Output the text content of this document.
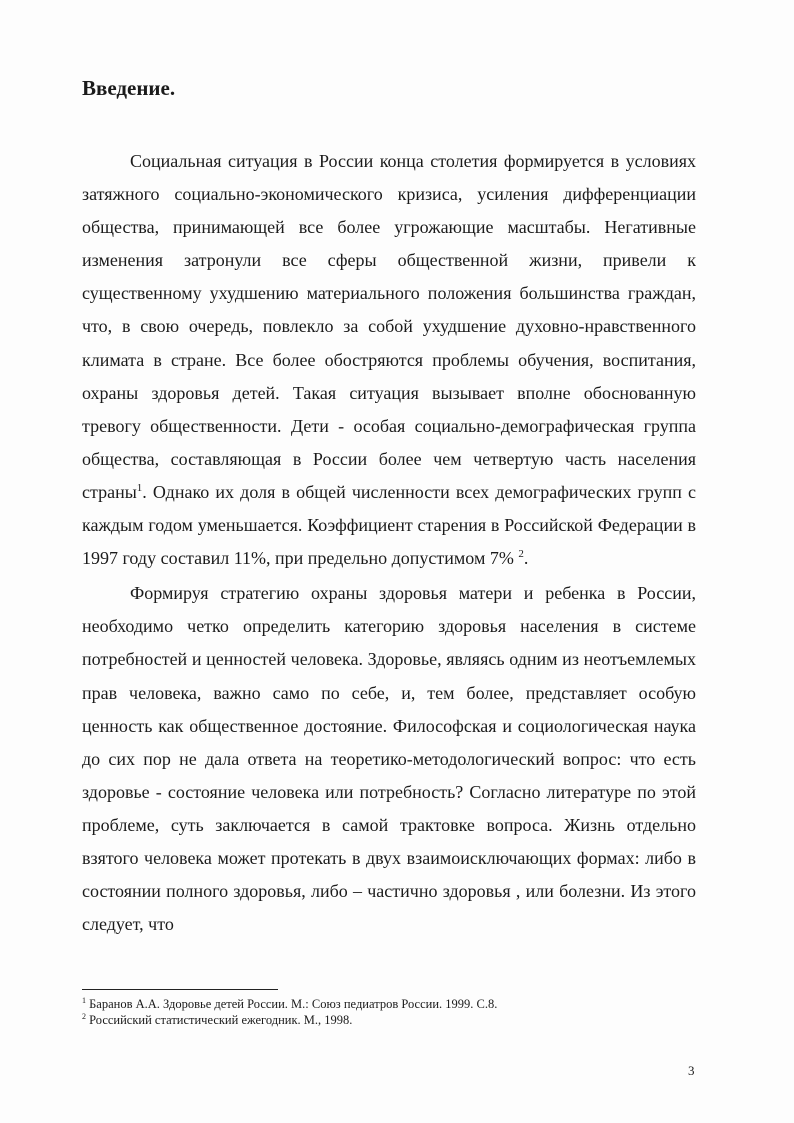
Введение.

Социальная ситуация в России конца столетия формируется в условиях затяжного социально-экономического кризиса, усиления дифференциации общества, принимающей все более угрожающие масштабы. Негативные изменения затронули все сферы общественной жизни, привели к существенному ухудшению материального положения большинства граждан, что, в свою очередь, повлекло за собой ухудшение духовно-нравственного климата в стране. Все более обостряются проблемы обучения, воспитания, охраны здоровья детей. Такая ситуация вызывает вполне обоснованную тревогу общественности. Дети - особая социально-демографическая группа общества, составляющая в России более чем четвертую часть населения страны$^1$. Однако их доля в общей численности всех демографических групп с каждым годом уменьшается. Коэффициент старения в Российской Федерации в 1997 году составил 11%, при предельно допустимом 7% $^2$.

Формируя стратегию охраны здоровья матери и ребенка в России, необходимо четко определить категорию здоровья населения в системе потребностей и ценностей человека. Здоровье, являясь одним из неотъемлемых прав человека, важно само по себе, и, тем более, представляет особую ценность как общественное достояние. Философская и социологическая наука до сих пор не дала ответа на теоретико-методологический вопрос: что есть здоровье - состояние человека или потребность? Согласно литературе по этой проблеме, суть заключается в самой трактовке вопроса. Жизнь отдельно взятого человека может протекать в двух взаимоисключающих формах: либо в состоянии полного здоровья, либо – частично здоровья , или болезни. Из этого следует, что

$^1$ Баранов А.А. Здоровье детей России. М.: Союз педиатров России. 1999. С.8.
$^2$ Российский статистический ежегодник. М., 1998.
3
